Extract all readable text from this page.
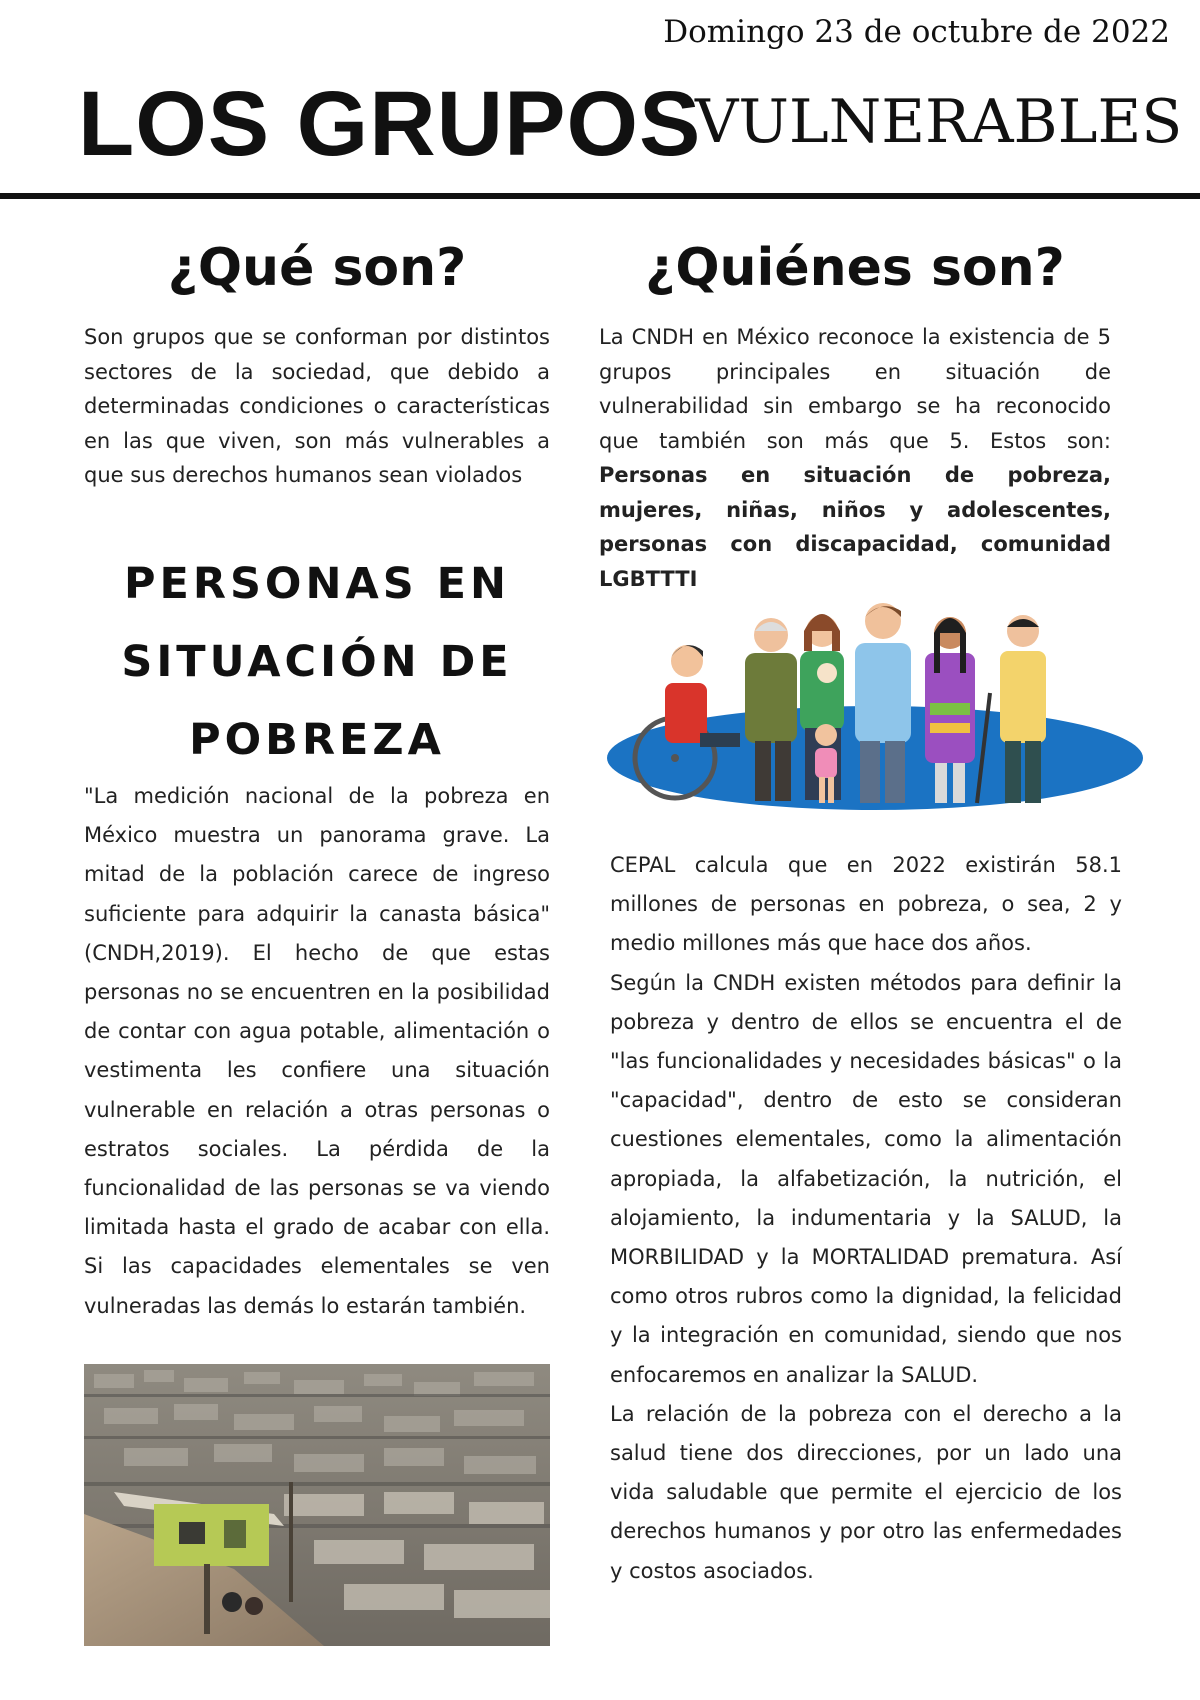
Domingo 23 de octubre de 2022
LOS GRUPOS
VULNERABLES
¿Qué son?

Son grupos que se conforman por distintos sectores de la sociedad, que debido a determinadas condiciones o características en las que viven, son más vulnerables a que sus derechos humanos sean violados

PERSONAS EN
SITUACIÓN DE
POBREZA

"La medición nacional de la pobreza en México muestra un panorama grave. La mitad de la población carece de ingreso suficiente para adquirir la canasta básica" (CNDH,2019). El hecho de que estas personas no se encuentren en la posibilidad de contar con agua potable, alimentación o vestimenta les confiere una situación vulnerable en relación a otras personas o estratos sociales. La pérdida de la funcionalidad de las personas se va viendo limitada hasta el grado de acabar con ella. Si las capacidades elementales se ven vulneradas las demás lo estarán también.

¿Quiénes son?

La CNDH en México reconoce la existencia de 5 grupos principales en situación de vulnerabilidad sin embargo se ha reconocido que también son más que 5. Estos son: Personas en situación de pobreza, mujeres, niñas, niños y adolescentes, personas con discapacidad, comunidad LGBTTTI

CEPAL calcula que en 2022 existirán 58.1 millones de personas en pobreza, o sea, 2 y medio millones más que hace dos años.

Según la CNDH existen métodos para definir la pobreza y dentro de ellos se encuentra el de "las funcionalidades y necesidades básicas" o la "capacidad", dentro de esto se consideran cuestiones elementales, como la alimentación apropiada, la alfabetización, la nutrición, el alojamiento, la indumentaria y la SALUD, la MORBILIDAD y la MORTALIDAD prematura. Así como otros rubros como la dignidad, la felicidad y la integración en comunidad, siendo que nos enfocaremos en analizar la SALUD.

La relación de la pobreza con el derecho a la salud tiene dos direcciones, por un lado una vida saludable que permite el ejercicio de los derechos humanos y por otro las enfermedades y costos asociados.
